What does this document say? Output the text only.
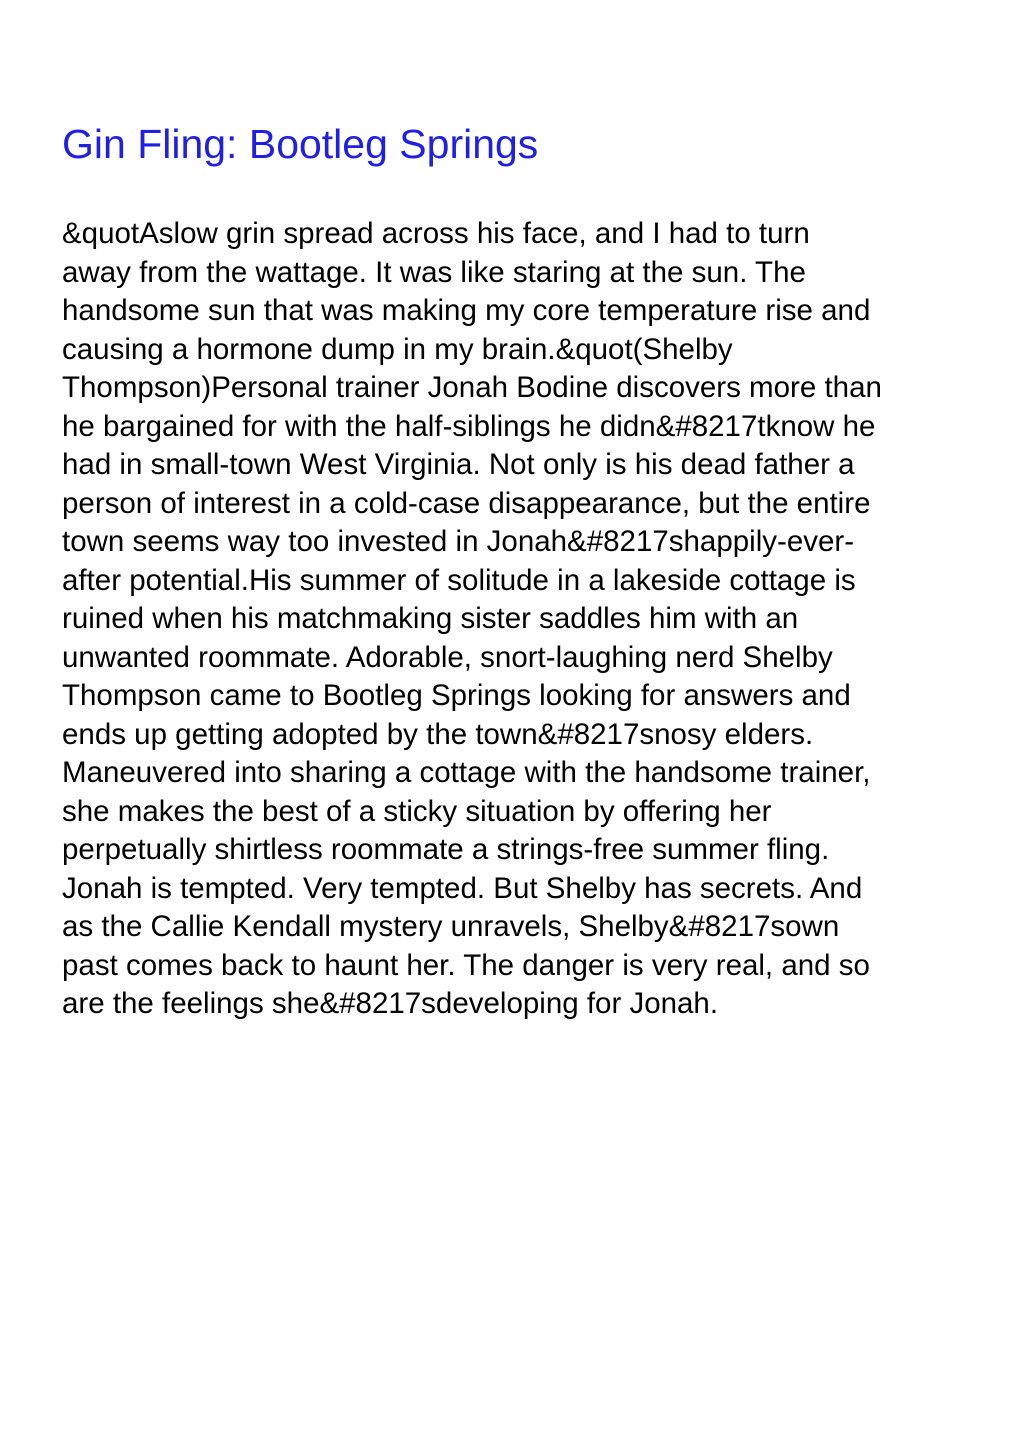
Gin Fling: Bootleg Springs
&quotAslow grin spread across his face, and I had to turn
away from the wattage. It was like staring at the sun. The
handsome sun that was making my core temperature rise and
causing a hormone dump in my brain.&quot(Shelby
Thompson)Personal trainer Jonah Bodine discovers more than
he bargained for with the half-siblings he didn&#8217tknow he
had in small-town West Virginia. Not only is his dead father a
person of interest in a cold-case disappearance, but the entire
town seems way too invested in Jonah&#8217shappily-ever-
after potential.His summer of solitude in a lakeside cottage is
ruined when his matchmaking sister saddles him with an
unwanted roommate. Adorable, snort-laughing nerd Shelby
Thompson came to Bootleg Springs looking for answers and
ends up getting adopted by the town&#8217snosy elders.
Maneuvered into sharing a cottage with the handsome trainer,
she makes the best of a sticky situation by offering her
perpetually shirtless roommate a strings-free summer fling.
Jonah is tempted. Very tempted. But Shelby has secrets. And
as the Callie Kendall mystery unravels, Shelby&#8217sown
past comes back to haunt her. The danger is very real, and so
are the feelings she&#8217sdeveloping for Jonah.
